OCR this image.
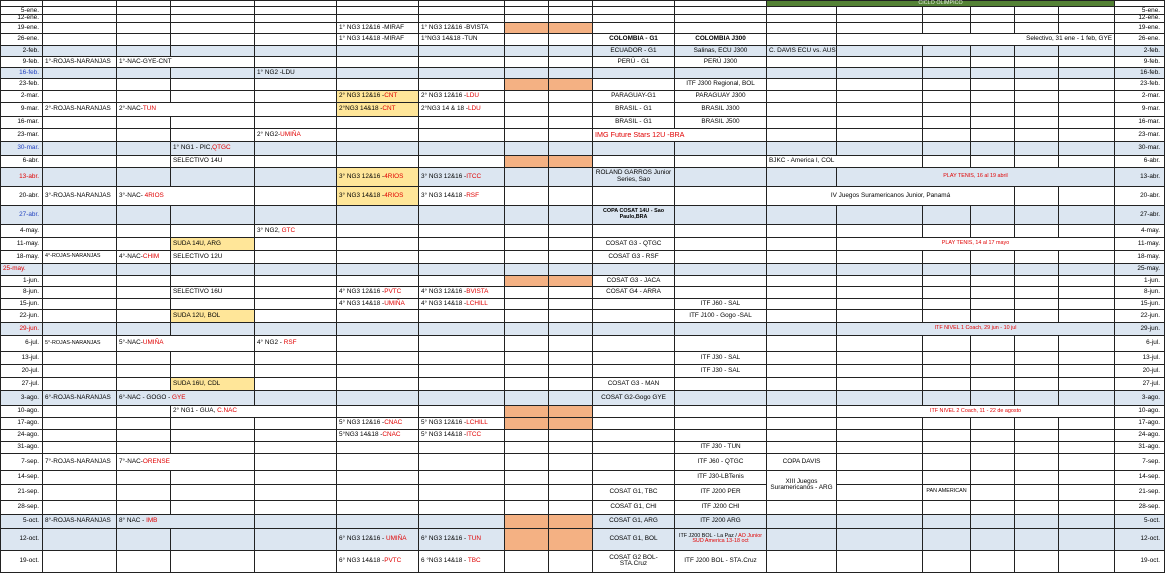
											CICLO OLÍMPICO						
5-ene.																	5-ene.
12-ene.																	12-ene.
19-ene.					1° NG3 12&16 -MIRAF	1° NG3 12&16 -BVISTA											19-ene.
26-ene.					1° NG3 14&18 -MIRAF	1°NG3 14&18 -TUN			COLOMBIA - G1	COLOMBIA J300		Selectivo, 31 ene - 1 feb, GYE					26-ene.
2-feb.									ECUADOR - G1	Salinas, ECU J300	C. DAVIS ECU vs. AUS						2-feb.
9-feb.	1°-ROJAS-NARANJAS	1°-NAC-GYE-CNT							PERÚ - G1	PERÚ J300							9-feb.
16-feb.				1° NG2 -LDU													16-feb.
23-feb.										ITF J300 Regional, BOL							23-feb.
2-mar.					2° NG3 12&16 -CNT	2° NG3 12&16 -LDU			PARAGUAY-G1	PARAGUAY J300							2-mar.
9-mar.	2°-ROJAS-NARANJAS	2°-NAC-TUN			2°NG3 14&18 -CNT	2°NG3 14 & 18 -LDU			BRASIL - G1	BRASIL J300							9-mar.
16-mar.									BRASIL - G1	BRASIL J500							16-mar.
23-mar.				2° NG2-UMIÑA					IMG Future Stars 12U -BRA								23-mar.
30-mar.			1° NG1 - PIC,QTGC														30-mar.
6-abr.			SELECTIVO 14U								BJKC - America I, COL						6-abr.
13-abr.					3° NG3 12&16 -4RIOS	3° NG3 12&16 -ITCC			ROLAND GARROS Junior Series, Sao			PLAY TENIS, 16 al 19 abril					13-abr.
20-abr.	3°-ROJAS-NARANJAS	3°-NAC- 4RIOS			3° NG3 14&18 -4RIOS	3° NG3 14&18 -RSF					IV Juegos Suramericanos Junior, Panamá						20-abr.
27-abr.									COPA COSAT 14U - Sao Paulo,BRA								27-abr.
4-may.				3° NG2, GTC													4-may.
11-may.			SUDA 14U, ARG						COSAT G3 - QTGC			PLAY TENIS, 14 al 17 mayo					11-may.
18-may.	4°-ROJAS-NARANJAS	4°-NAC-CHIM	SELECTIVO 12U						COSAT G3 - RSF								18-may.
25-may.																	25-may.
1-jun.									COSAT G3 - JACA								1-jun.
8-jun.			SELECTIVO 16U		4° NG3 12&16 -PVTC	4° NG3 12&16 -BVISTA			COSAT G4 - ARRA								8-jun.
15-jun.					4° NG3 14&18 -UMIÑA	4° NG3 14&18 -LCHILL				ITF J60 - SAL							15-jun.
22-jun.			SUDA 12U, BOL							ITF J100 - Gogo -SAL							22-jun.
29-jun.												ITF NIVEL 1 Coach, 29 jun - 10 jul					29-jun.
6-jul.	5°-ROJAS-NARANJAS	5°-NAC-UMIÑA		4° NG2 - RSF													6-jul.
13-jul.										ITF J30 - SAL							13-jul.
20-jul.										ITF J30 - SAL							20-jul.
27-jul.			SUDA 16U, CDL						COSAT G3 - MAN								27-jul.
3-ago.	6°-ROJAS-NARANJAS	6°-NAC - GOGO - GYE							COSAT G2-Gogo GYE								3-ago.
10-ago.			2° NG1 - GUA, C.NAC									ITF NIVEL 2 Coach, 11 - 22 de agosto					10-ago.
17-ago.					5° NG3 12&16 -CNAC	5° NG3 12&16 -LCHILL											17-ago.
24-ago.					5°NG3 14&18 -CNAC	5° NG3 14&18 -ITCC											24-ago.
31-ago.										ITF J30 - TUN							31-ago.
7-sep.	7°-ROJAS-NARANJAS	7°-NAC-ORENSE								ITF J60 - QTGC	COPA DAVIS						7-sep.
14-sep.										ITF J30-LBTenis	XIII Juegos Suramericanos - ARG						14-sep.
21-sep.									COSAT G1, TBC	ITF J200 PER			PAN AMERICAN				21-sep.
28-sep.									COSAT G1, CHI	ITF J200 CHI							28-sep.
5-oct.	8°-ROJAS-NARANJAS	8° NAC - IMB							COSAT G1, ARG	ITF J200 ARG							5-oct.
12-oct.					6° NG3 12&16 - UMIÑA	6° NG3 12&16 - TUN			COSAT G1, BOL	ITF J200 BOL - La Paz / AO Junior SUD America 13-18 oct							12-oct.
19-oct.					6° NG3 14&18 -PVTC	6 °NG3 14&18 - TBC			COSAT G2 BOL- STA.Cruz	ITF J200 BOL - STA.Cruz							19-oct.
